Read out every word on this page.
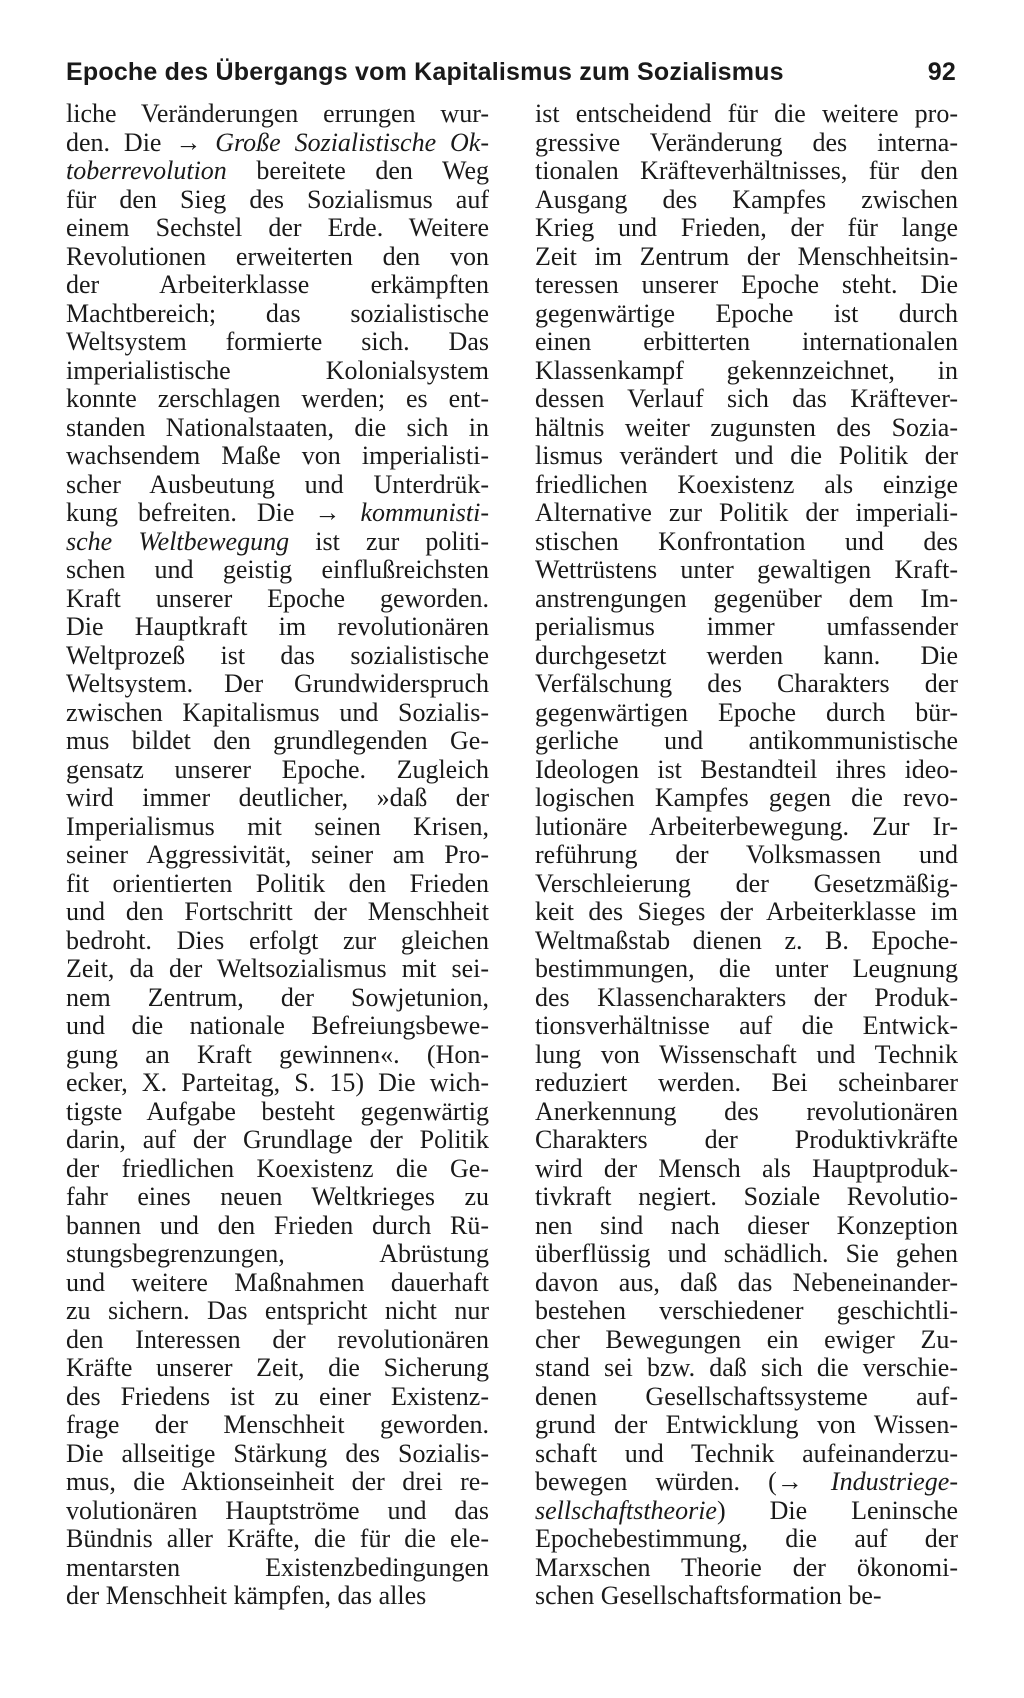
Epoche des Übergangs vom Kapitalismus zum Sozialismus	92
liche Veränderungen errungen wur-
den. Die → Große Sozialistische Ok-
toberrevolution bereitete den Weg
für den Sieg des Sozialismus auf
einem Sechstel der Erde. Weitere
Revolutionen erweiterten den von
der Arbeiterklasse erkämpften
Machtbereich; das sozialistische
Weltsystem formierte sich. Das
imperialistische Kolonialsystem
konnte zerschlagen werden; es ent-
standen Nationalstaaten, die sich in
wachsendem Maße von imperialisti-
scher Ausbeutung und Unterdrük-
kung befreiten. Die → kommunisti-
sche Weltbewegung ist zur politi-
schen und geistig einflußreichsten
Kraft unserer Epoche geworden.
Die Hauptkraft im revolutionären
Weltprozeß ist das sozialistische
Weltsystem. Der Grundwiderspruch
zwischen Kapitalismus und Sozialis-
mus bildet den grundlegenden Ge-
gensatz unserer Epoche. Zugleich
wird immer deutlicher, »daß der
Imperialismus mit seinen Krisen,
seiner Aggressivität, seiner am Pro-
fit orientierten Politik den Frieden
und den Fortschritt der Menschheit
bedroht. Dies erfolgt zur gleichen
Zeit, da der Weltsozialismus mit sei-
nem Zentrum, der Sowjetunion,
und die nationale Befreiungsbewe-
gung an Kraft gewinnen«. (Hon-
ecker, X. Parteitag, S. 15) Die wich-
tigste Aufgabe besteht gegenwärtig
darin, auf der Grundlage der Politik
der friedlichen Koexistenz die Ge-
fahr eines neuen Weltkrieges zu
bannen und den Frieden durch Rü-
stungsbegrenzungen, Abrüstung
und weitere Maßnahmen dauerhaft
zu sichern. Das entspricht nicht nur
den Interessen der revolutionären
Kräfte unserer Zeit, die Sicherung
des Friedens ist zu einer Existenz-
frage der Menschheit geworden.
Die allseitige Stärkung des Sozialis-
mus, die Aktionseinheit der drei re-
volutionären Hauptströme und das
Bündnis aller Kräfte, die für die ele-
mentarsten Existenzbedingungen
der Menschheit kämpfen, das alles
ist entscheidend für die weitere pro-
gressive Veränderung des interna-
tionalen Kräfteverhältnisses, für den
Ausgang des Kampfes zwischen
Krieg und Frieden, der für lange
Zeit im Zentrum der Menschheitsin-
teressen unserer Epoche steht. Die
gegenwärtige Epoche ist durch
einen erbitterten internationalen
Klassenkampf gekennzeichnet, in
dessen Verlauf sich das Kräftever-
hältnis weiter zugunsten des Sozia-
lismus verändert und die Politik der
friedlichen Koexistenz als einzige
Alternative zur Politik der imperiali-
stischen Konfrontation und des
Wettrüstens unter gewaltigen Kraft-
anstrengungen gegenüber dem Im-
perialismus immer umfassender
durchgesetzt werden kann. Die
Verfälschung des Charakters der
gegenwärtigen Epoche durch bür-
gerliche und antikommunistische
Ideologen ist Bestandteil ihres ideo-
logischen Kampfes gegen die revo-
lutionäre Arbeiterbewegung. Zur Ir-
reführung der Volksmassen und
Verschleierung der Gesetzmäßig-
keit des Sieges der Arbeiterklasse im
Weltmaßstab dienen z. B. Epoche-
bestimmungen, die unter Leugnung
des Klassencharakters der Produk-
tionsverhältnisse auf die Entwick-
lung von Wissenschaft und Technik
reduziert werden. Bei scheinbarer
Anerkennung des revolutionären
Charakters der Produktivkräfte
wird der Mensch als Hauptproduk-
tivkraft negiert. Soziale Revolutio-
nen sind nach dieser Konzeption
überflüssig und schädlich. Sie gehen
davon aus, daß das Nebeneinander-
bestehen verschiedener geschichtli-
cher Bewegungen ein ewiger Zu-
stand sei bzw. daß sich die verschie-
denen Gesellschaftssysteme auf-
grund der Entwicklung von Wissen-
schaft und Technik aufeinanderzu-
bewegen würden. (→ Industriege-
sellschaftstheorie) Die Leninsche
Epochebestimmung, die auf der
Marxschen Theorie der ökonomi-
schen Gesellschaftsformation be-
